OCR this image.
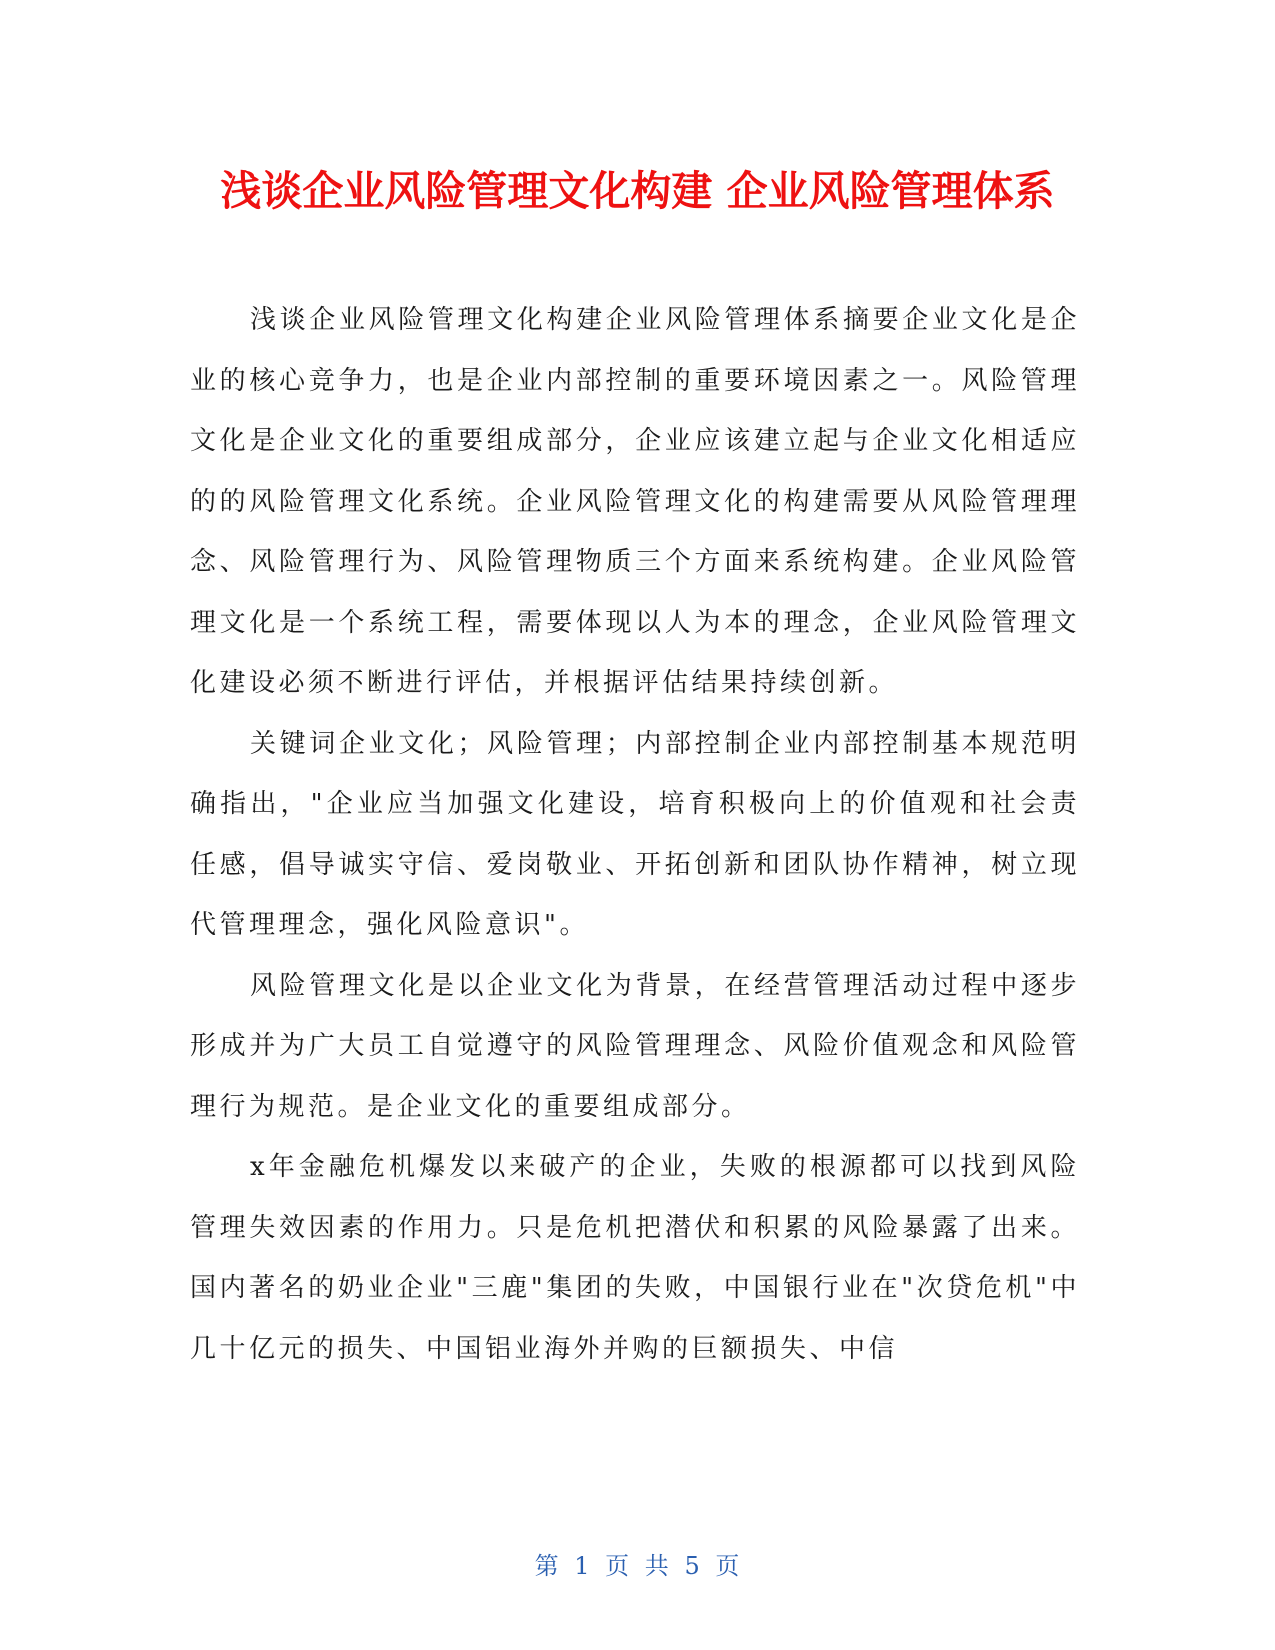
浅谈企业风险管理文化构建 企业风险管理体系

浅谈企业风险管理文化构建企业风险管理体系摘要企业文化是企业的核心竞争力，也是企业内部控制的重要环境因素之一。风险管理文化是企业文化的重要组成部分，企业应该建立起与企业文化相适应的的风险管理文化系统。企业风险管理文化的构建需要从风险管理理念、风险管理行为、风险管理物质三个方面来系统构建。企业风险管理文化是一个系统工程，需要体现以人为本的理念，企业风险管理文化建设必须不断进行评估，并根据评估结果持续创新。

关键词企业文化；风险管理；内部控制企业内部控制基本规范明确指出，"企业应当加强文化建设，培育积极向上的价值观和社会责任感，倡导诚实守信、爱岗敬业、开拓创新和团队协作精神，树立现代管理理念，强化风险意识"。

风险管理文化是以企业文化为背景，在经营管理活动过程中逐步形成并为广大员工自觉遵守的风险管理理念、风险价值观念和风险管理行为规范。是企业文化的重要组成部分。

x年金融危机爆发以来破产的企业，失败的根源都可以找到风险管理失效因素的作用力。只是危机把潜伏和积累的风险暴露了出来。国内著名的奶业企业"三鹿"集团的失败，中国银行业在"次贷危机"中几十亿元的损失、中国铝业海外并购的巨额损失、中信

第 1 页 共 5 页
